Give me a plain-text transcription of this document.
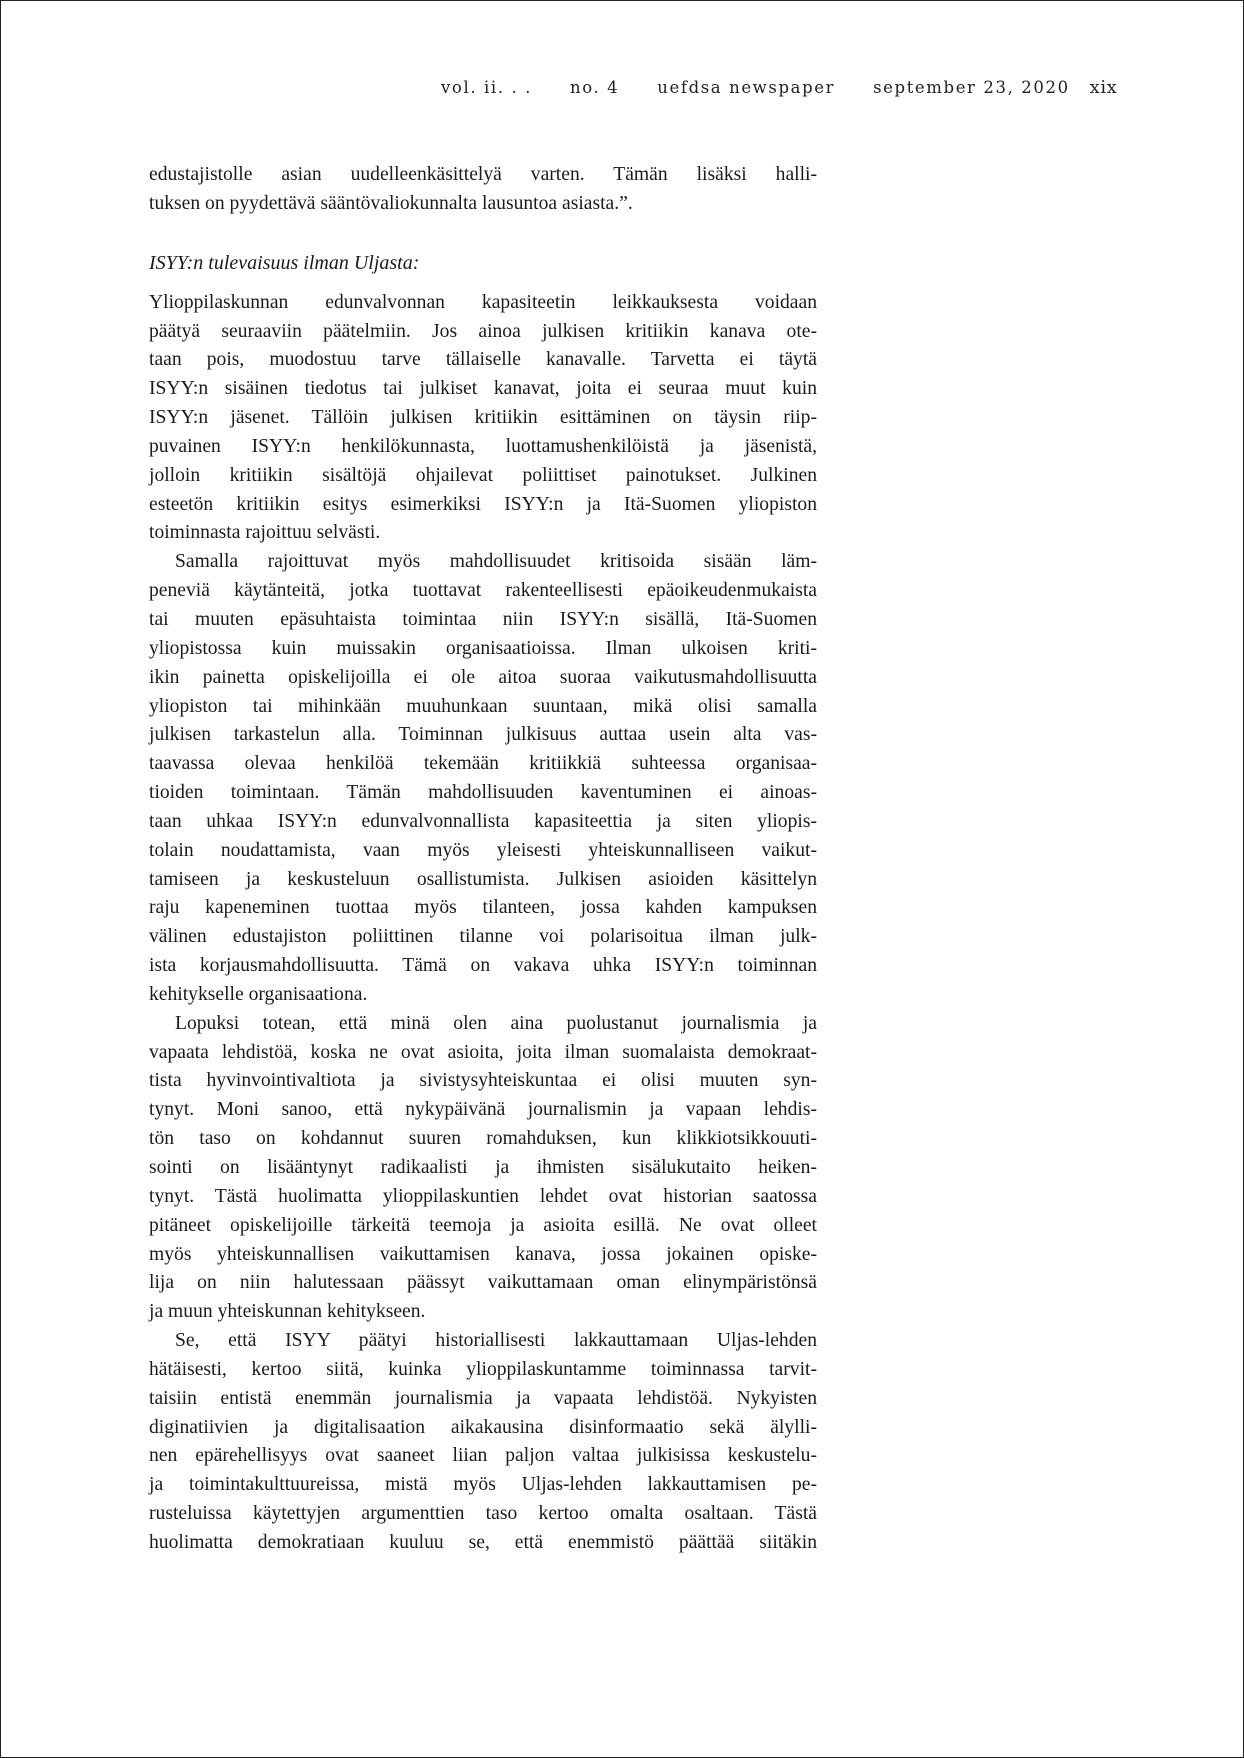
vol. ii. . . no. 4 uefdsa newspaper september 23, 2020 xix
edustajistolle asian uudelleenkäsittelyä varten. Tämän lisäksi halli-
tuksen on pyydettävä sääntövaliokunnalta lausuntoa asiasta.”.
ISYY:n tulevaisuus ilman Uljasta:
Ylioppilaskunnan edunvalvonnan kapasiteetin leikkauksesta voidaan
päätyä seuraaviin päätelmiin. Jos ainoa julkisen kritiikin kanava ote-
taan pois, muodostuu tarve tällaiselle kanavalle. Tarvetta ei täytä
ISYY:n sisäinen tiedotus tai julkiset kanavat, joita ei seuraa muut kuin
ISYY:n jäsenet. Tällöin julkisen kritiikin esittäminen on täysin riip-
puvainen ISYY:n henkilökunnasta, luottamushenkilöistä ja jäsenistä,
jolloin kritiikin sisältöjä ohjailevat poliittiset painotukset. Julkinen
esteetön kritiikin esitys esimerkiksi ISYY:n ja Itä-Suomen yliopiston
toiminnasta rajoittuu selvästi.
Samalla rajoittuvat myös mahdollisuudet kritisoida sisään läm-
peneviä käytänteitä, jotka tuottavat rakenteellisesti epäoikeudenmukaista
tai muuten epäsuhtaista toimintaa niin ISYY:n sisällä, Itä-Suomen
yliopistossa kuin muissakin organisaatioissa. Ilman ulkoisen kriti-
ikin painetta opiskelijoilla ei ole aitoa suoraa vaikutusmahdollisuutta
yliopiston tai mihinkään muuhunkaan suuntaan, mikä olisi samalla
julkisen tarkastelun alla. Toiminnan julkisuus auttaa usein alta vas-
taavassa olevaa henkilöä tekemään kritiikkiä suhteessa organisaa-
tioiden toimintaan. Tämän mahdollisuuden kaventuminen ei ainoas-
taan uhkaa ISYY:n edunvalvonnallista kapasiteettia ja siten yliopis-
tolain noudattamista, vaan myös yleisesti yhteiskunnalliseen vaikut-
tamiseen ja keskusteluun osallistumista. Julkisen asioiden käsittelyn
raju kapeneminen tuottaa myös tilanteen, jossa kahden kampuksen
välinen edustajiston poliittinen tilanne voi polarisoitua ilman julk-
ista korjausmahdollisuutta. Tämä on vakava uhka ISYY:n toiminnan
kehitykselle organisaationa.
Lopuksi totean, että minä olen aina puolustanut journalismia ja
vapaata lehdistöä, koska ne ovat asioita, joita ilman suomalaista demokraat-
tista hyvinvointivaltiota ja sivistysyhteiskuntaa ei olisi muuten syn-
tynyt. Moni sanoo, että nykypäivänä journalismin ja vapaan lehdis-
tön taso on kohdannut suuren romahduksen, kun klikkiotsikkouuti-
sointi on lisääntynyt radikaalisti ja ihmisten sisälukutaito heiken-
tynyt. Tästä huolimatta ylioppilaskuntien lehdet ovat historian saatossa
pitäneet opiskelijoille tärkeitä teemoja ja asioita esillä. Ne ovat olleet
myös yhteiskunnallisen vaikuttamisen kanava, jossa jokainen opiske-
lija on niin halutessaan päässyt vaikuttamaan oman elinympäristönsä
ja muun yhteiskunnan kehitykseen.
Se, että ISYY päätyi historiallisesti lakkauttamaan Uljas-lehden
hätäisesti, kertoo siitä, kuinka ylioppilaskuntamme toiminnassa tarvit-
taisiin entistä enemmän journalismia ja vapaata lehdistöä. Nykyisten
diginatiivien ja digitalisaation aikakausina disinformaatio sekä älylli-
nen epärehellisyys ovat saaneet liian paljon valtaa julkisissa keskustelu-
ja toimintakulttuureissa, mistä myös Uljas-lehden lakkauttamisen pe-
rusteluissa käytettyjen argumenttien taso kertoo omalta osaltaan. Tästä
huolimatta demokratiaan kuuluu se, että enemmistö päättää siitäkin
